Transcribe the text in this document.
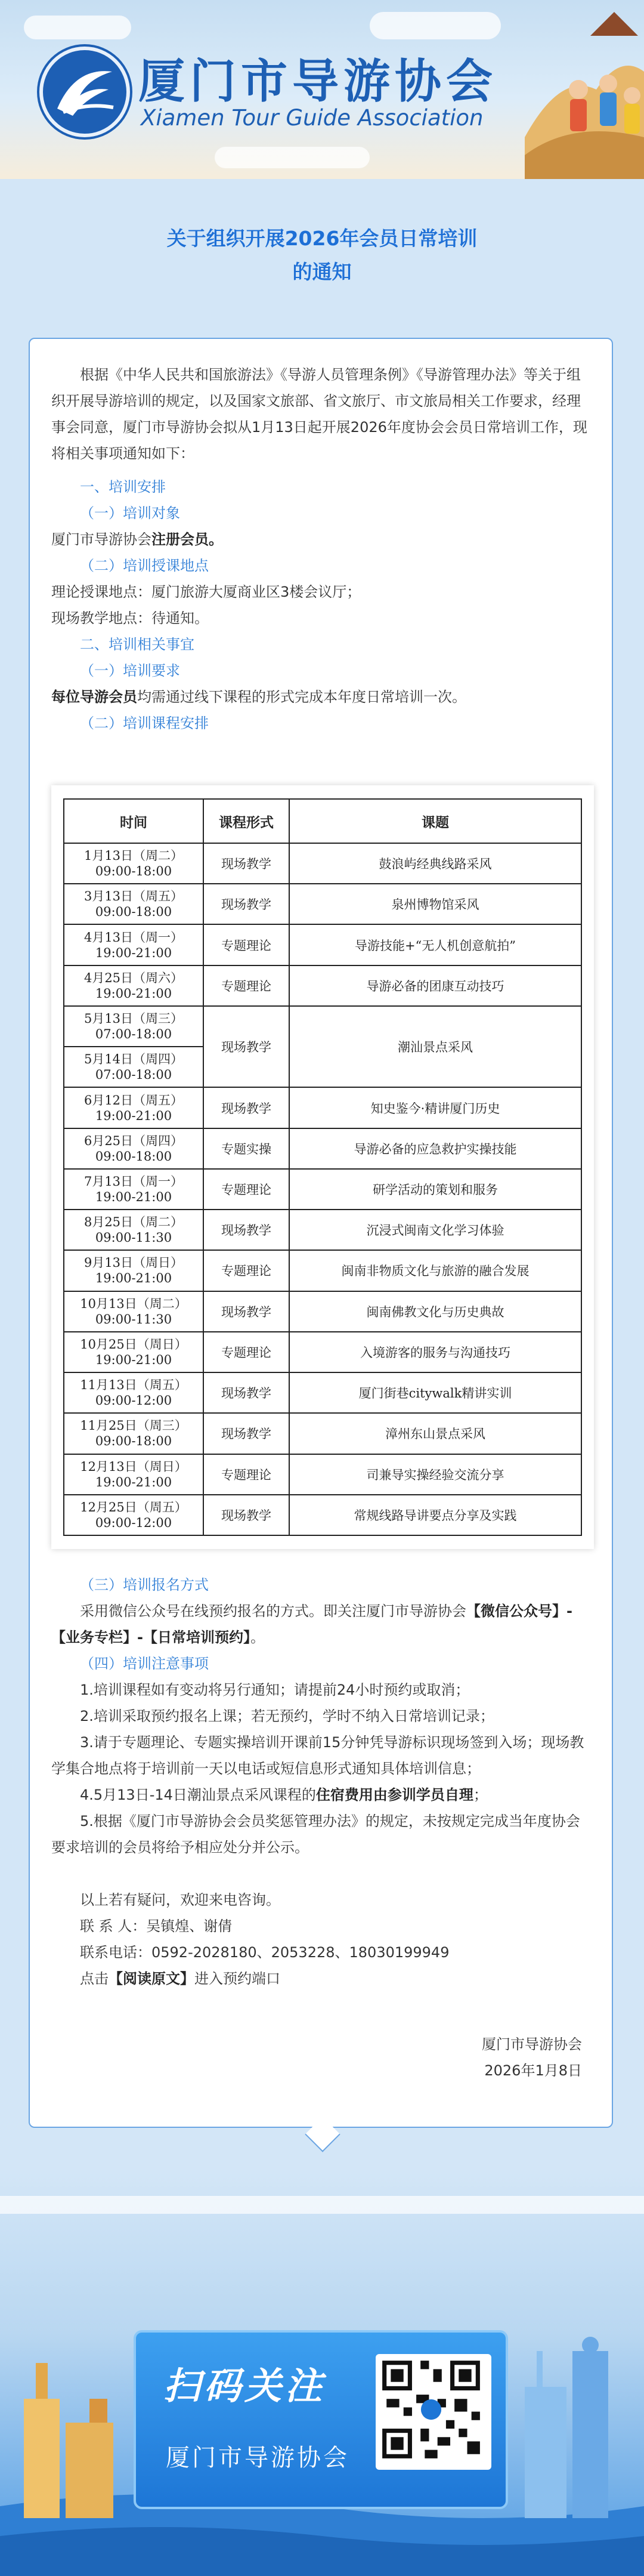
厦门市导游协会
Xiamen Tour Guide Association
关于组织开展2026年会员日常培训
的通知
根据《中华人民共和国旅游法》《导游人员管理条例》《导游管理办法》等关于组织开展导游培训的规定，以及国家文旅部、省文旅厅、市文旅局相关工作要求，经理事会同意，厦门市导游协会拟从1月13日起开展2026年度协会会员日常培训工作，现将相关事项通知如下：
一、培训安排
（一）培训对象
厦门市导游协会注册会员。
（二）培训授课地点
理论授课地点：厦门旅游大厦商业区3楼会议厅；
现场教学地点：待通知。
二、培训相关事宜
（一）培训要求
每位导游会员均需通过线下课程的形式完成本年度日常培训一次。
（二）培训课程安排
时间	课程形式	课题

1月13日（周二）
09:00-18:00	现场教学	鼓浪屿经典线路采风

3月13日（周五）
09:00-18:00	现场教学	泉州博物馆采风

4月13日（周一）
19:00-21:00	专题理论	导游技能+“无人机创意航拍”

4月25日（周六）
19:00-21:00	专题理论	导游必备的团康互动技巧

5月13日（周三）
07:00-18:00	现场教学	潮汕景点采风

5月14日（周四）
07:00-18:00		

6月12日（周五）
19:00-21:00	现场教学	知史鉴今·精讲厦门历史

6月25日（周四）
09:00-18:00	专题实操	导游必备的应急救护实操技能

7月13日（周一）
19:00-21:00	专题理论	研学活动的策划和服务

8月25日（周二）
09:00-11:30	现场教学	沉浸式闽南文化学习体验

9月13日（周日）
19:00-21:00	专题理论	闽南非物质文化与旅游的融合发展

10月13日（周二）
09:00-11:30	现场教学	闽南佛教文化与历史典故

10月25日（周日）
19:00-21:00	专题理论	入境游客的服务与沟通技巧

11月13日（周五）
09:00-12:00	现场教学	厦门街巷citywalk精讲实训

11月25日（周三）
09:00-18:00	现场教学	漳州东山景点采风

12月13日（周日）
19:00-21:00	专题理论	司兼导实操经验交流分享

12月25日（周五）
09:00-12:00	现场教学	常规线路导讲要点分享及实践
（三）培训报名方式
采用微信公众号在线预约报名的方式。即关注厦门市导游协会【微信公众号】-【业务专栏】-【日常培训预约】。
（四）培训注意事项
1.培训课程如有变动将另行通知；请提前24小时预约或取消；
2.培训采取预约报名上课；若无预约，学时不纳入日常培训记录；
3.请于专题理论、专题实操培训开课前15分钟凭导游标识现场签到入场；现场教学集合地点将于培训前一天以电话或短信息形式通知具体培训信息；
4.5月13日-14日潮汕景点采风课程的住宿费用由参训学员自理；
5.根据《厦门市导游协会会员奖惩管理办法》的规定，未按规定完成当年度协会要求培训的会员将给予相应处分并公示。
以上若有疑问，欢迎来电咨询。
联 系 人：吴镇煌、谢倩
联系电话：0592-2028180、2053228、18030199949
点击【阅读原文】进入预约端口
厦门市导游协会
2026年1月8日
扫码关注
厦门市导游协会
